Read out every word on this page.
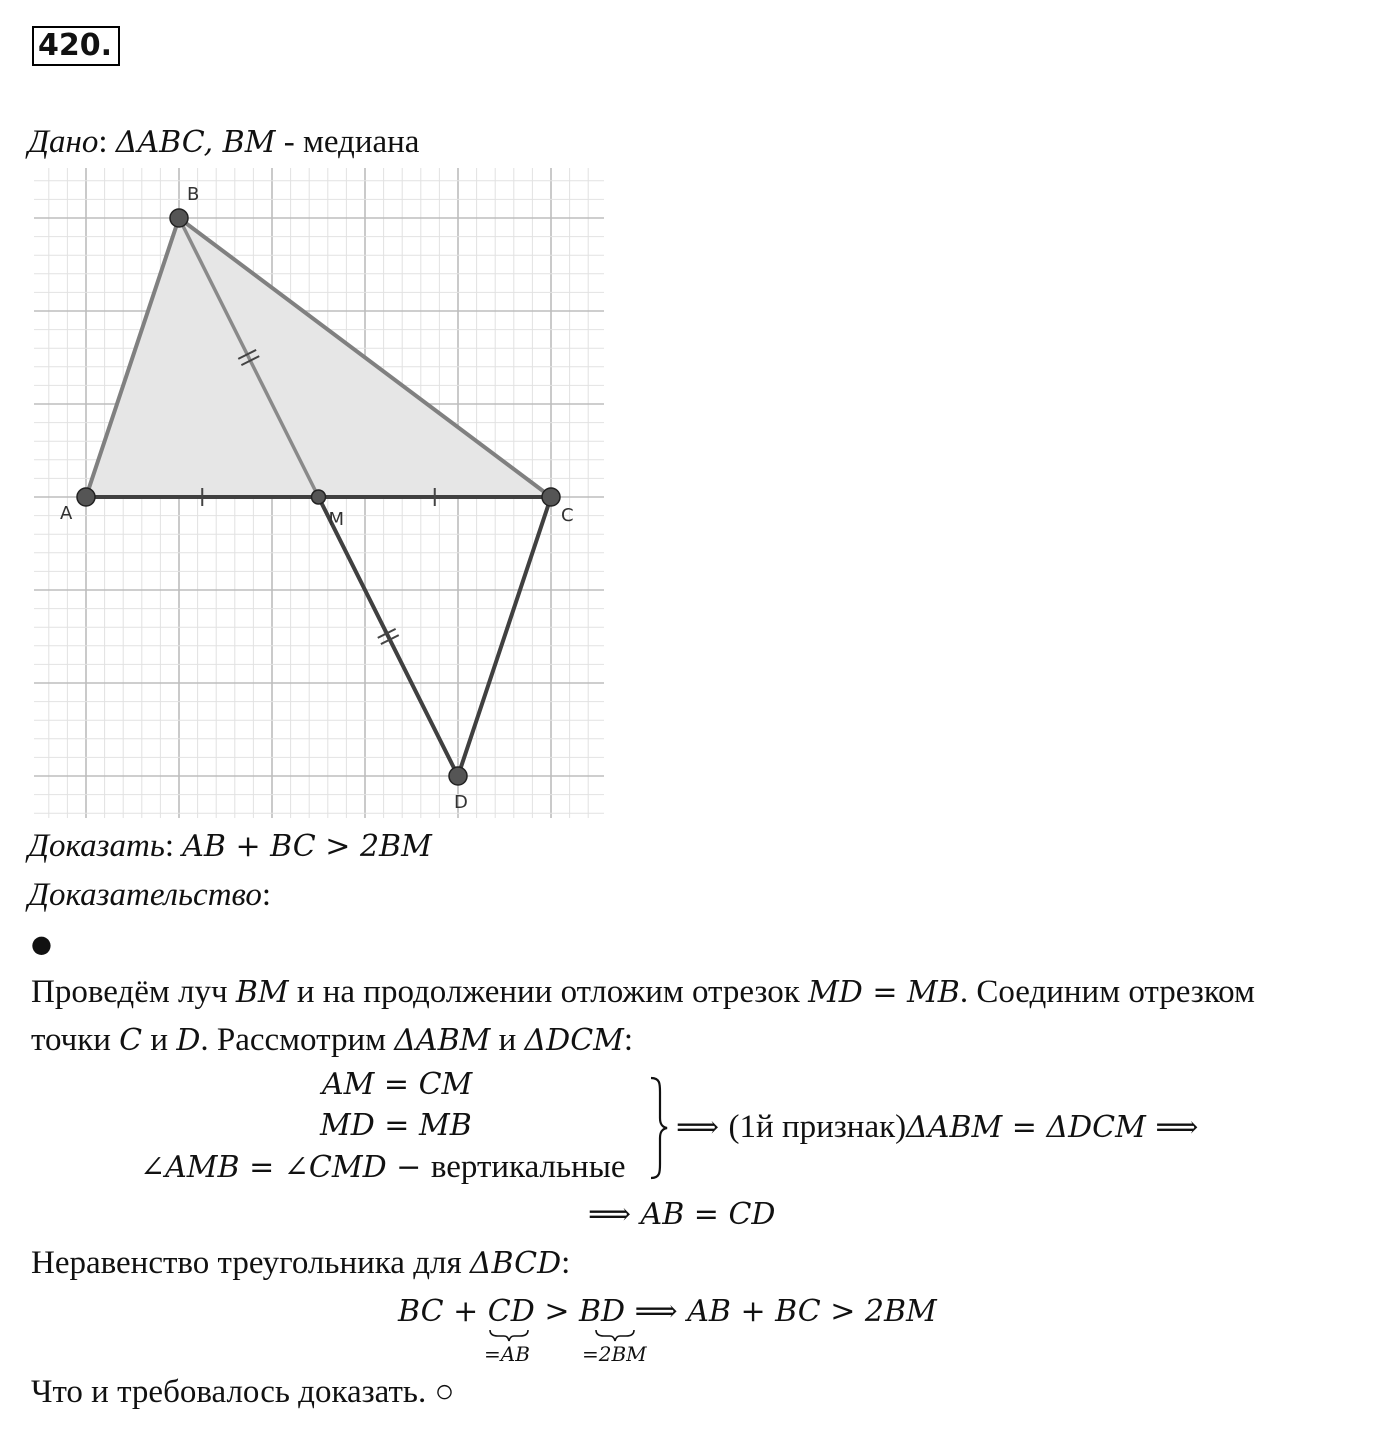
420.
Дано: ΔABC, BM - медиана
A
B
C
M
D
Доказать: AB + BC > 2BM
Доказательство:
●
Проведём луч BM и на продолжении отложим отрезок MD = MB. Соединим отрезком
точки C и D. Рассмотрим ΔABM и ΔDCM:
AM = CM
MD = MB
∠AMB = ∠CMD − вертикальные
⟹ (1й признак)ΔABM = ΔDCM ⟹
⟹ AB = CD
Неравенство треугольника для ΔBCD:
BC + CD > BD ⟹ AB + BC > 2BM
=AB	=2BM
Что и требовалось доказать. ○
